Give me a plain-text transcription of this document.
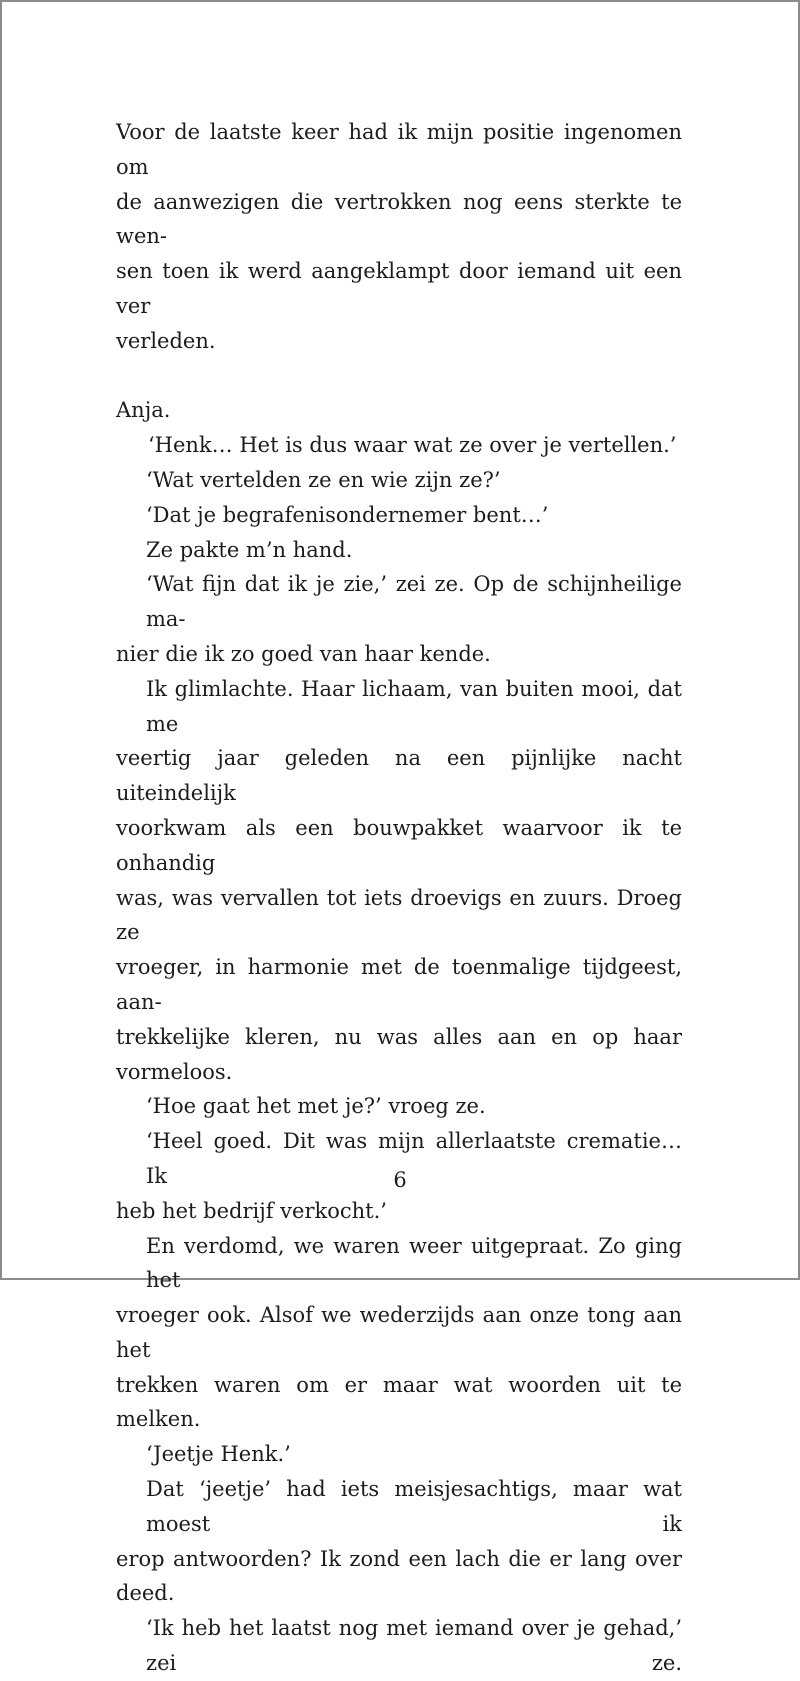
Voor de laatste keer had ik mijn positie ingenomen om
de aanwezigen die vertrokken nog eens sterkte te wen-
sen toen ik werd aangeklampt door iemand uit een ver
verleden.
Anja.
‘Henk… Het is dus waar wat ze over je vertellen.’
‘Wat vertelden ze en wie zijn ze?’
‘Dat je begrafenisondernemer bent…’
Ze pakte m’n hand.
‘Wat fijn dat ik je zie,’ zei ze. Op de schijnheilige ma-
nier die ik zo goed van haar kende.
Ik glimlachte. Haar lichaam, van buiten mooi, dat me
veertig jaar geleden na een pijnlijke nacht uiteindelijk
voorkwam als een bouwpakket waarvoor ik te onhandig
was, was vervallen tot iets droevigs en zuurs. Droeg ze
vroeger, in harmonie met de toenmalige tijdgeest, aan-
trekkelijke kleren, nu was alles aan en op haar vormeloos.
‘Hoe gaat het met je?’ vroeg ze.
‘Heel goed. Dit was mijn allerlaatste crematie… Ik
heb het bedrijf verkocht.’
En verdomd, we waren weer uitgepraat. Zo ging het
vroeger ook. Alsof we wederzijds aan onze tong aan het
trekken waren om er maar wat woorden uit te melken.
‘Jeetje Henk.’
Dat ‘jeetje’ had iets meisjesachtigs, maar wat moest ik
erop antwoorden? Ik zond een lach die er lang over deed.
‘Ik heb het laatst nog met iemand over je gehad,’ zei ze.
6
